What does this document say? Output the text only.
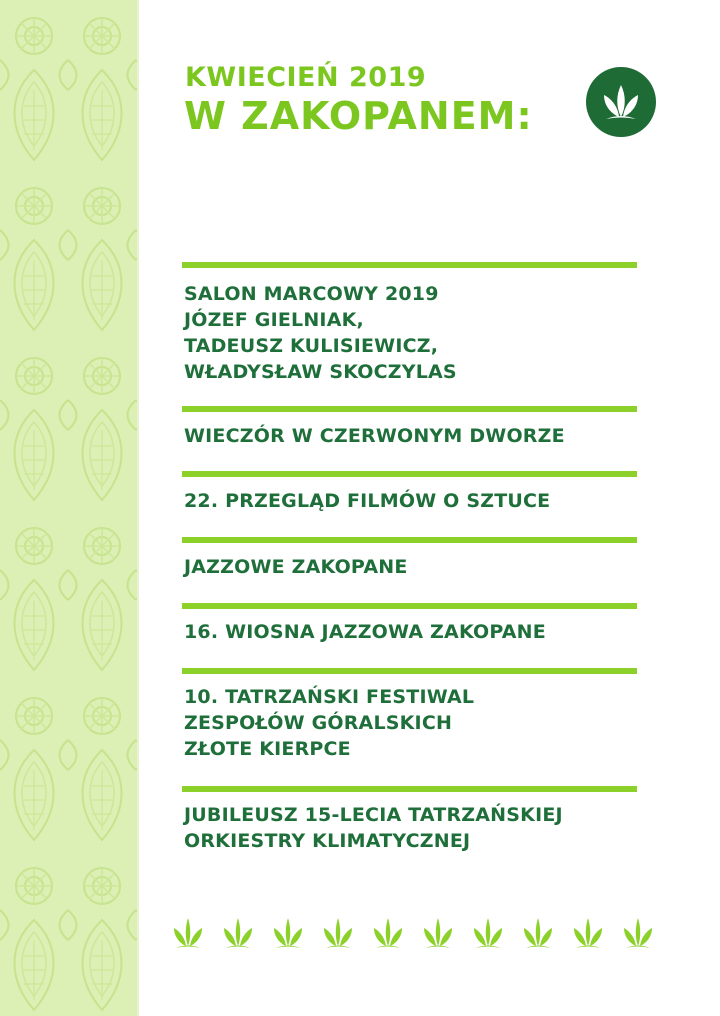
KWIECIEŃ 2019
W ZAKOPANEM:
SALON MARCOWY 2019
JÓZEF GIELNIAK,
TADEUSZ KULISIEWICZ,
WŁADYSŁAW SKOCZYLAS
WIECZÓR W CZERWONYM DWORZE
22. PRZEGLĄD FILMÓW O SZTUCE
JAZZOWE ZAKOPANE
16. WIOSNA JAZZOWA ZAKOPANE
10. TATRZAŃSKI FESTIWAL
ZESPOŁÓW GÓRALSKICH
ZŁOTE KIERPCE
JUBILEUSZ 15-LECIA TATRZAŃSKIEJ
ORKIESTRY KLIMATYCZNEJ
